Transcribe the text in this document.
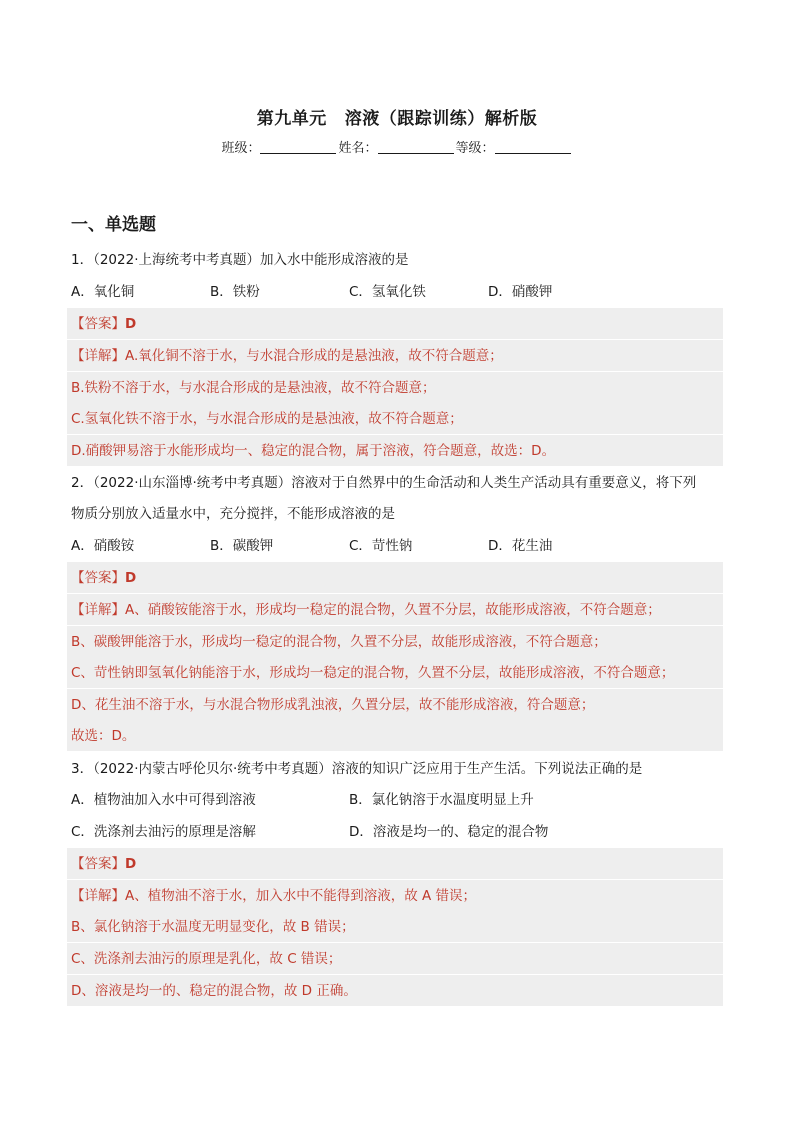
第九单元 溶液（跟踪训练）解析版
班级：	姓名：	等级：
一、单选题
1．（2022·上海统考中考真题）加入水中能形成溶液的是
A．氧化铜	B．铁粉	C．氢氧化铁	D．硝酸钾
【答案】D
【详解】A.氧化铜不溶于水，与水混合形成的是悬浊液，故不符合题意；
B.铁粉不溶于水，与水混合形成的是悬浊液，故不符合题意；
C.氢氧化铁不溶于水，与水混合形成的是悬浊液，故不符合题意；
D.硝酸钾易溶于水能形成均一、稳定的混合物，属于溶液，符合题意，故选：D。
2．（2022·山东淄博·统考中考真题）溶液对于自然界中的生命活动和人类生产活动具有重要意义，将下列
物质分别放入适量水中，充分搅拌，不能形成溶液的是
A．硝酸铵	B．碳酸钾	C．苛性钠	D．花生油
【答案】D
【详解】A、硝酸铵能溶于水，形成均一稳定的混合物，久置不分层，故能形成溶液，不符合题意；
B、碳酸钾能溶于水，形成均一稳定的混合物，久置不分层，故能形成溶液，不符合题意；
C、苛性钠即氢氧化钠能溶于水，形成均一稳定的混合物，久置不分层，故能形成溶液，不符合题意；
D、花生油不溶于水，与水混合物形成乳浊液，久置分层，故不能形成溶液，符合题意；
故选：D。
3．（2022·内蒙古呼伦贝尔·统考中考真题）溶液的知识广泛应用于生产生活。下列说法正确的是
A．植物油加入水中可得到溶液	B．氯化钠溶于水温度明显上升
C．洗涤剂去油污的原理是溶解	D．溶液是均一的、稳定的混合物
【答案】D
【详解】A、植物油不溶于水，加入水中不能得到溶液，故 A 错误；
B、氯化钠溶于水温度无明显变化，故 B 错误；
C、洗涤剂去油污的原理是乳化，故 C 错误；
D、溶液是均一的、稳定的混合物，故 D 正确。
